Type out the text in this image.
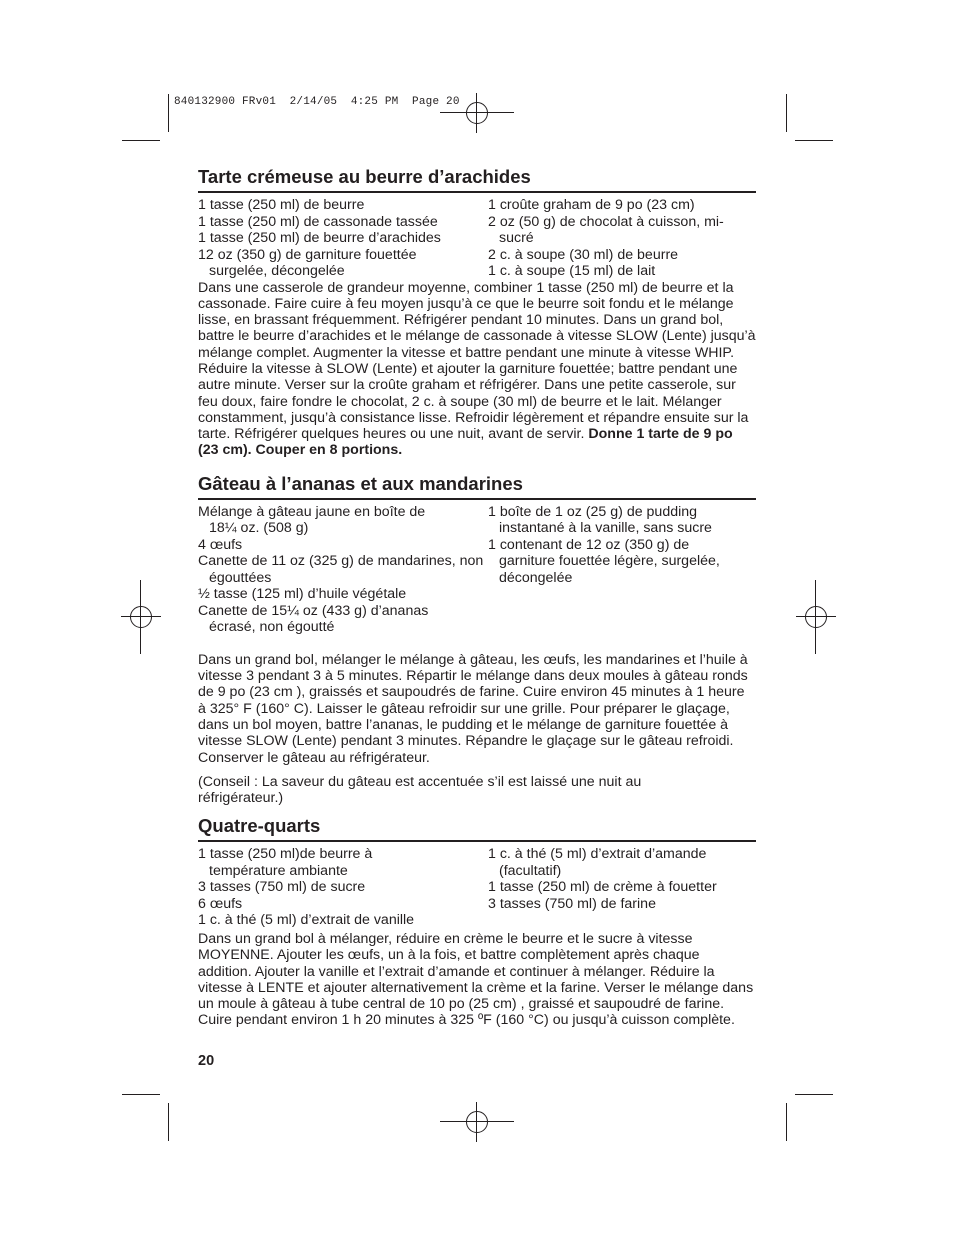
840132900 FRv01  2/14/05  4:25 PM  Page 20
Tarte crémeuse au beurre d’arachides

1 tasse (250 ml) de beurre

1 tasse (250 ml) de cassonade tassée

1 tasse (250 ml) de beurre d’arachides

12 oz (350 g) de garniture fouettée surgelée, décongelée

1 croûte graham de 9 po (23 cm)

2 oz (50 g) de chocolat à cuisson, mi-sucré

2 c. à soupe (30 ml) de beurre

1 c. à soupe (15 ml) de lait

Dans une casserole de grandeur moyenne, combiner 1 tasse (250 ml) de beurre et la cassonade. Faire cuire à feu moyen jusqu’à ce que le beurre soit fondu et le mélange lisse, en brassant fréquemment. Réfrigérer pendant 10 minutes. Dans un grand bol, battre le beurre d’arachides et le mélange de cassonade à vitesse SLOW (Lente) jusqu’à mélange complet. Augmenter la vitesse et battre pendant une minute à vitesse WHIP. Réduire la vitesse à SLOW (Lente) et ajouter la garniture fouettée; battre pendant une autre minute. Verser sur la croûte graham et réfrigérer. Dans une petite casserole, sur feu doux, faire fondre le chocolat, 2 c. à soupe (30 ml) de beurre et le lait. Mélanger constamment, jusqu’à consistance lisse. Refroidir légèrement et répandre ensuite sur la tarte. Réfrigérer quelques heures ou une nuit, avant de servir. Donne 1 tarte de 9 po (23 cm). Couper en 8 portions.

Gâteau à l’ananas et aux mandarines

Mélange à gâteau jaune en boîte de 18¼ oz. (508 g)

4 œufs

Canette de 11 oz (325 g) de mandarines, non égouttées

½ tasse (125 ml) d’huile végétale

Canette de 15¼ oz (433 g) d’ananas écrasé, non égoutté

1 boîte de 1 oz (25 g) de pudding instantané à la vanille, sans sucre

1 contenant de 12 oz (350 g) de garniture fouettée légère, surgelée, décongelée

Dans un grand bol, mélanger le mélange à gâteau, les œufs, les mandarines et l’huile à vitesse 3 pendant 3 à 5 minutes. Répartir le mélange dans deux moules à gâteau ronds de 9 po (23 cm ), graissés et saupoudrés de farine. Cuire environ 45 minutes à 1 heure à 325° F (160° C). Laisser le gâteau refroidir sur une grille. Pour préparer le glaçage, dans un bol moyen, battre l’ananas, le pudding et le mélange de garniture fouettée à vitesse SLOW (Lente) pendant 3 minutes. Répandre le glaçage sur le gâteau refroidi. Conserver le gâteau au réfrigérateur.

(Conseil : La saveur du gâteau est accentuée s’il est laissé une nuit au réfrigérateur.)

Quatre-quarts

1 tasse (250 ml)de beurre à température ambiante

3 tasses (750 ml) de sucre

6 œufs

1 c. à thé (5 ml) d’extrait de vanille

1 c. à thé (5 ml) d’extrait d’amande (facultatif)

1 tasse (250 ml) de crème à fouetter

3 tasses (750 ml) de farine

Dans un grand bol à mélanger, réduire en crème le beurre et le sucre à vitesse MOYENNE. Ajouter les œufs, un à la fois, et battre complètement après chaque addition. Ajouter la vanille et l’extrait d’amande et continuer à mélanger. Réduire la vitesse à LENTE et ajouter alternativement la crème et la farine. Verser le mélange dans un moule à gâteau à tube central de 10 po (25 cm) , graissé et saupoudré de farine. Cuire pendant environ 1 h 20 minutes à 325 ºF (160 °C) ou jusqu’à cuisson complète.

20
